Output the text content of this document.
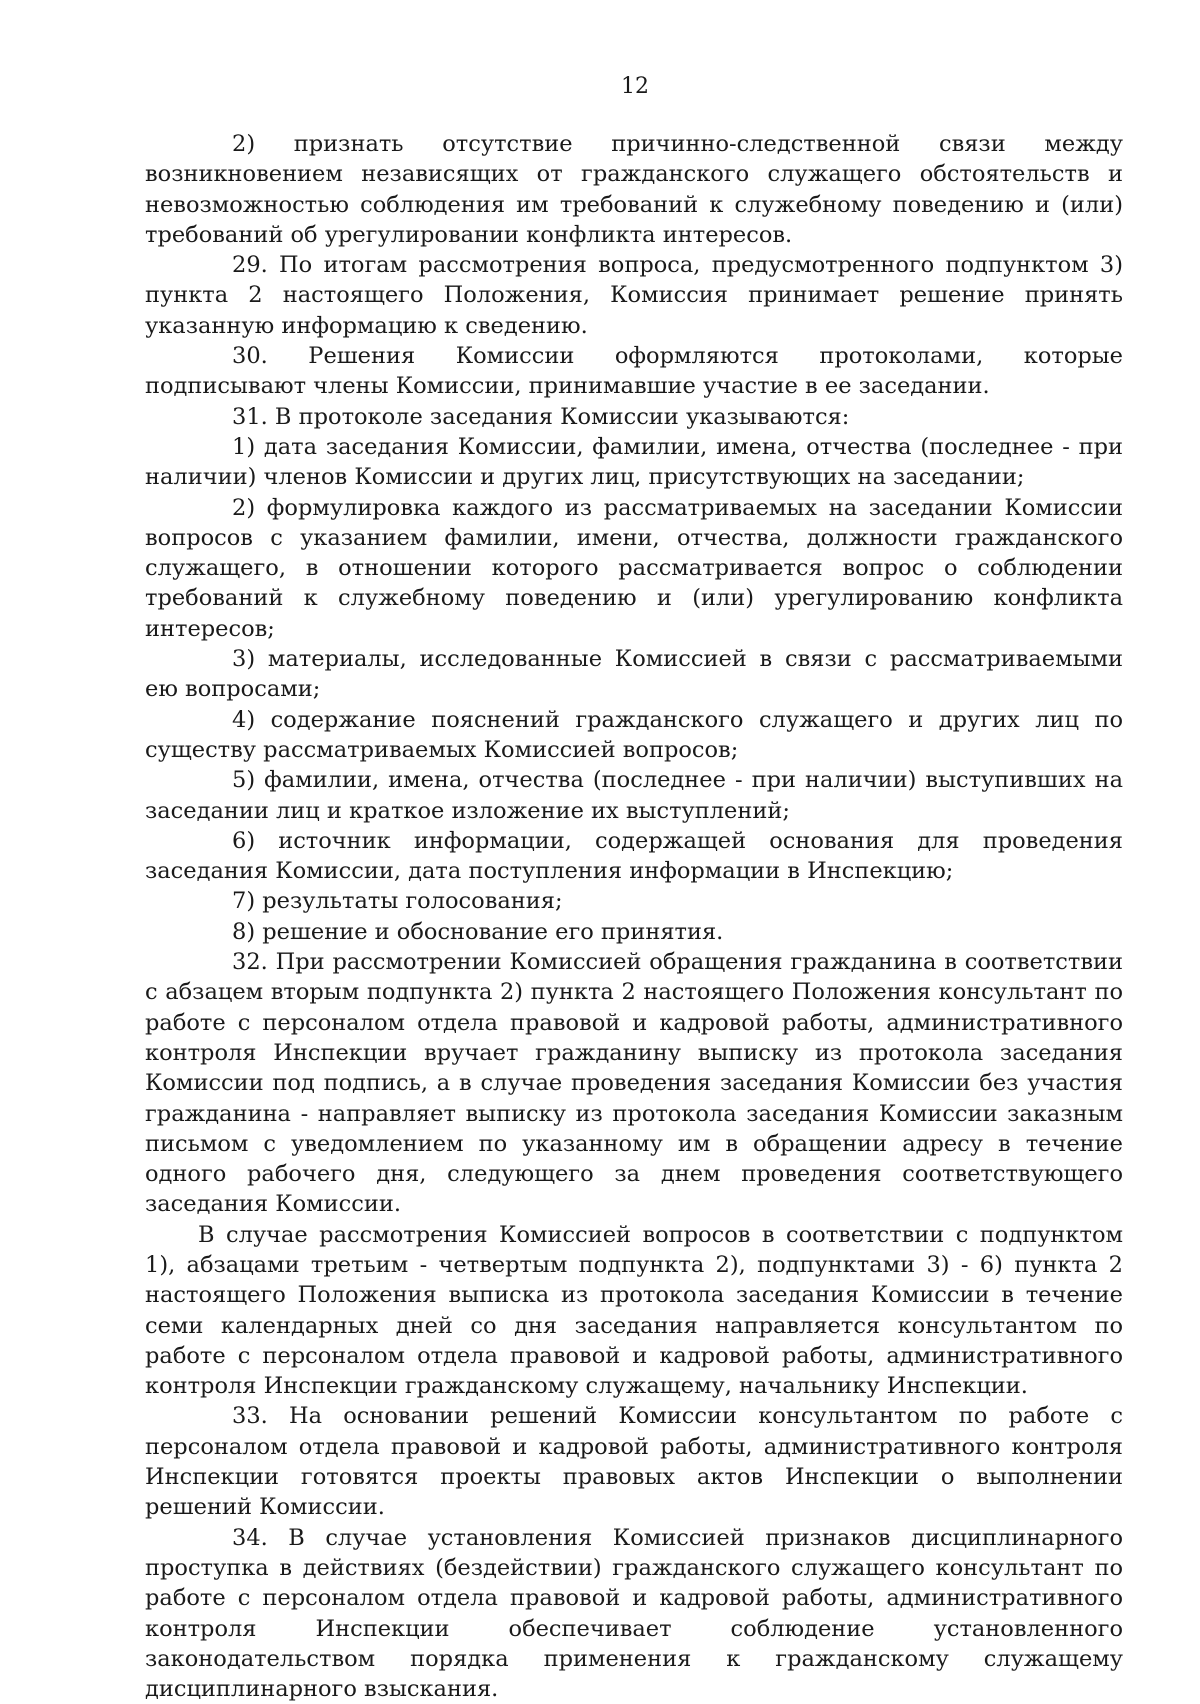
12

2) признать отсутствие причинно-следственной связи между возникновением независящих от гражданского служащего обстоятельств и невозможностью соблюдения им требований к служебному поведению и (или) требований об урегулировании конфликта интересов.

29. По итогам рассмотрения вопроса, предусмотренного подпунктом 3) пункта 2 настоящего Положения, Комиссия принимает решение принять указанную информацию к сведению.

30. Решения Комиссии оформляются протоколами, которые подписывают члены Комиссии, принимавшие участие в ее заседании.

31. В протоколе заседания Комиссии указываются:

1) дата заседания Комиссии, фамилии, имена, отчества (последнее - при наличии) членов Комиссии и других лиц, присутствующих на заседании;

2) формулировка каждого из рассматриваемых на заседании Комиссии вопросов с указанием фамилии, имени, отчества, должности гражданского служащего, в отношении которого рассматривается вопрос о соблюдении требований к служебному поведению и (или) урегулированию конфликта интересов;

3) материалы, исследованные Комиссией в связи с рассматриваемыми ею вопросами;

4) содержание пояснений гражданского служащего и других лиц по существу рассматриваемых Комиссией вопросов;

5) фамилии, имена, отчества (последнее - при наличии) выступивших на заседании лиц и краткое изложение их выступлений;

6) источник информации, содержащей основания для проведения заседания Комиссии, дата поступления информации в Инспекцию;

7) результаты голосования;

8) решение и обоснование его принятия.

32. При рассмотрении Комиссией обращения гражданина в соответствии с абзацем вторым подпункта 2) пункта 2 настоящего Положения консультант по работе с персоналом отдела правовой и кадровой работы, административного контроля Инспекции вручает гражданину выписку из протокола заседания Комиссии под подпись, а в случае проведения заседания Комиссии без участия гражданина - направляет выписку из протокола заседания Комиссии заказным письмом с уведомлением по указанному им в обращении адресу в течение одного рабочего дня, следующего за днем проведения соответствующего заседания Комиссии.

В случае рассмотрения Комиссией вопросов в соответствии с подпунктом 1), абзацами третьим - четвертым подпункта 2), подпунктами 3) - 6) пункта 2 настоящего Положения выписка из протокола заседания Комиссии в течение семи календарных дней со дня заседания направляется консультантом по работе с персоналом отдела правовой и кадровой работы, административного контроля Инспекции гражданскому служащему, начальнику Инспекции.

33. На основании решений Комиссии консультантом по работе с персоналом отдела правовой и кадровой работы, административного контроля Инспекции готовятся проекты правовых актов Инспекции о выполнении решений Комиссии.

34. В случае установления Комиссией признаков дисциплинарного проступка в действиях (бездействии) гражданского служащего консультант по работе с персоналом отдела правовой и кадровой работы, административного контроля Инспекции обеспечивает соблюдение установленного законодательством порядка применения к гражданскому служащему дисциплинарного взыскания.
